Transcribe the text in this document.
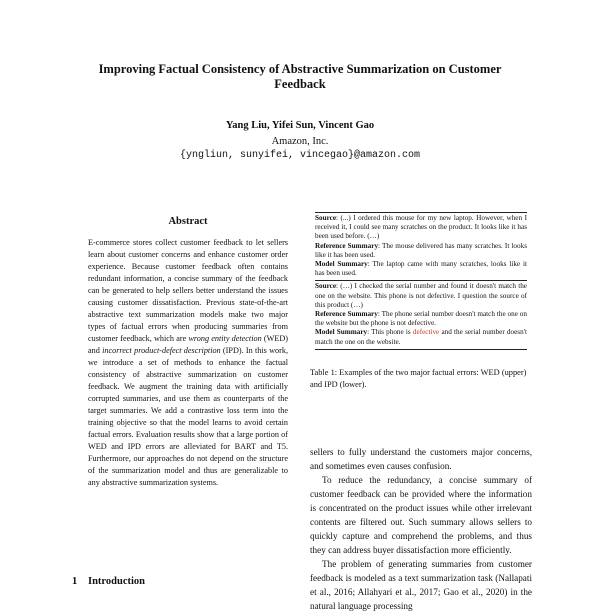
Improving Factual Consistency of Abstractive Summarization on Customer Feedback
Yang Liu, Yifei Sun, Vincent Gao
Amazon, Inc.
{yngliun, sunyifei, vincegao}@amazon.com
Abstract
E-commerce stores collect customer feedback to let sellers learn about customer concerns and enhance customer order experience. Because customer feedback often contains redundant information, a concise summary of the feedback can be generated to help sellers better understand the issues causing customer dissatisfaction. Previous state-of-the-art abstractive text summarization models make two major types of factual errors when producing summaries from customer feedback, which are wrong entity detection (WED) and incorrect product-defect description (IPD). In this work, we introduce a set of methods to enhance the factual consistency of abstractive summarization on customer feedback. We augment the training data with artificially corrupted summaries, and use them as counterparts of the target summaries. We add a contrastive loss term into the training objective so that the model learns to avoid certain factual errors. Evaluation results show that a large portion of WED and IPD errors are alleviated for BART and T5. Furthermore, our approaches do not depend on the structure of the summarization model and thus are generalizable to any abstractive summarization systems.
1 Introduction

Source: (...) I ordered this mouse for my new laptop. However, when I received it, I could see many scratches on the product. It looks like it has been used before. (…)

Reference Summary: The mouse delivered has many scratches. It looks like it has been used.

Model Summary: The laptop came with many scratches, looks like it has been used.

Source: (…) I checked the serial number and found it doesn't match the one on the website. This phone is not defective. I question the source of this product (…)

Reference Summary: The phone serial number doesn't match the one on the website but the phone is not defective.

Model Summary: This phone is defective and the serial number doesn't match the one on the website.

Table 1: Examples of the two major factual errors: WED (upper) and IPD (lower).

sellers to fully understand the customers major concerns, and sometimes even causes confusion.

To reduce the redundancy, a concise summary of customer feedback can be provided where the information is concentrated on the product issues while other irrelevant contents are filtered out. Such summary allows sellers to quickly capture and comprehend the problems, and thus they can address buyer dissatisfaction more efficiently.

The problem of generating summaries from customer feedback is modeled as a text summarization task (Nallapati et al., 2016; Allahyari et al., 2017; Gao et al., 2020) in the natural language processing
